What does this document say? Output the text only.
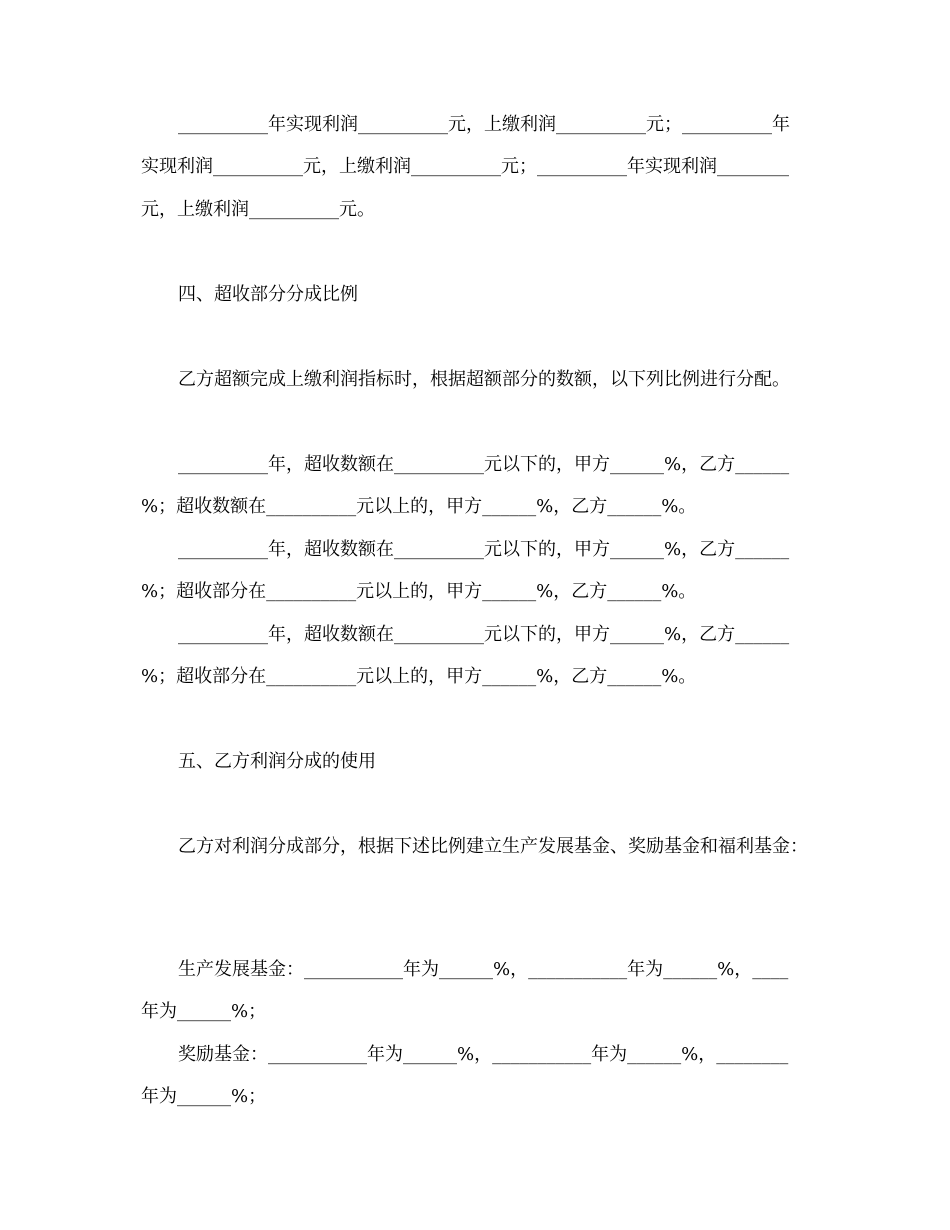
__________年实现利润__________元，上缴利润__________元；__________年
实现利润__________元，上缴利润__________元；__________年实现利润________
元，上缴利润__________元。
四、超收部分分成比例
乙方超额完成上缴利润指标时，根据超额部分的数额，以下列比例进行分配。
__________年，超收数额在__________元以下的，甲方______%，乙方______
%；超收数额在__________元以上的，甲方______%，乙方______%。
__________年，超收数额在__________元以下的，甲方______%，乙方______
%；超收部分在__________元以上的，甲方______%，乙方______%。
__________年，超收数额在__________元以下的，甲方______%，乙方______
%；超收部分在__________元以上的，甲方______%，乙方______%。
五、乙方利润分成的使用
乙方对利润分成部分，根据下述比例建立生产发展基金、奖励基金和福利基金：
生产发展基金：___________年为______%，___________年为______%，____
年为______%；
奖励基金：___________年为______%，___________年为______%，________
年为______%；
